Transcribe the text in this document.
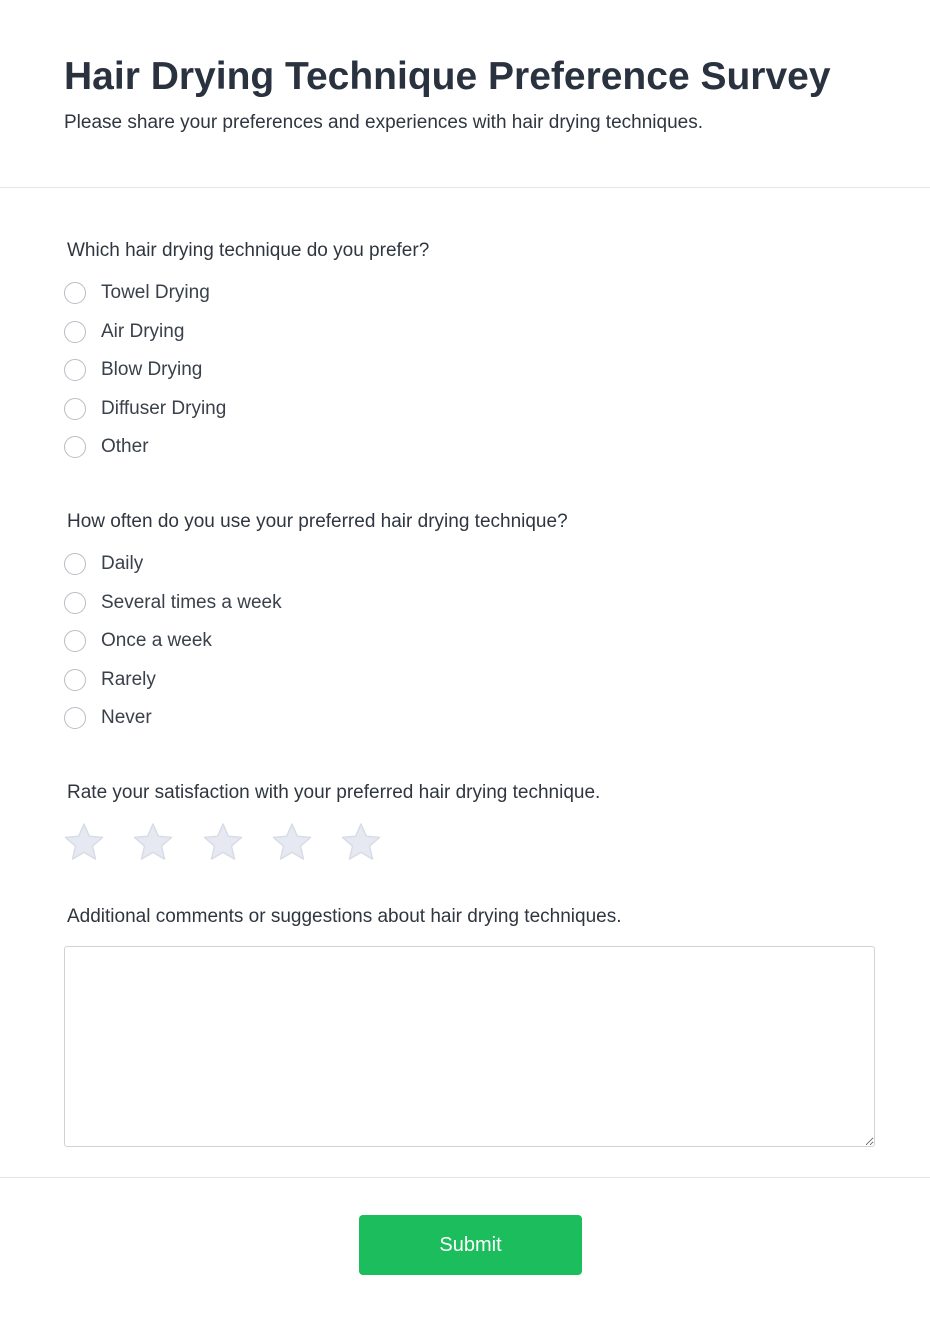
Hair Drying Technique Preference Survey

Please share your preferences and experiences with hair drying techniques.

Which hair drying technique do you prefer?
Towel Drying
Air Drying
Blow Drying
Diffuser Drying
Other
How often do you use your preferred hair drying technique?
Daily
Several times a week
Once a week
Rarely
Never
Rate your satisfaction with your preferred hair drying technique.
Additional comments or suggestions about hair drying techniques.
Submit
